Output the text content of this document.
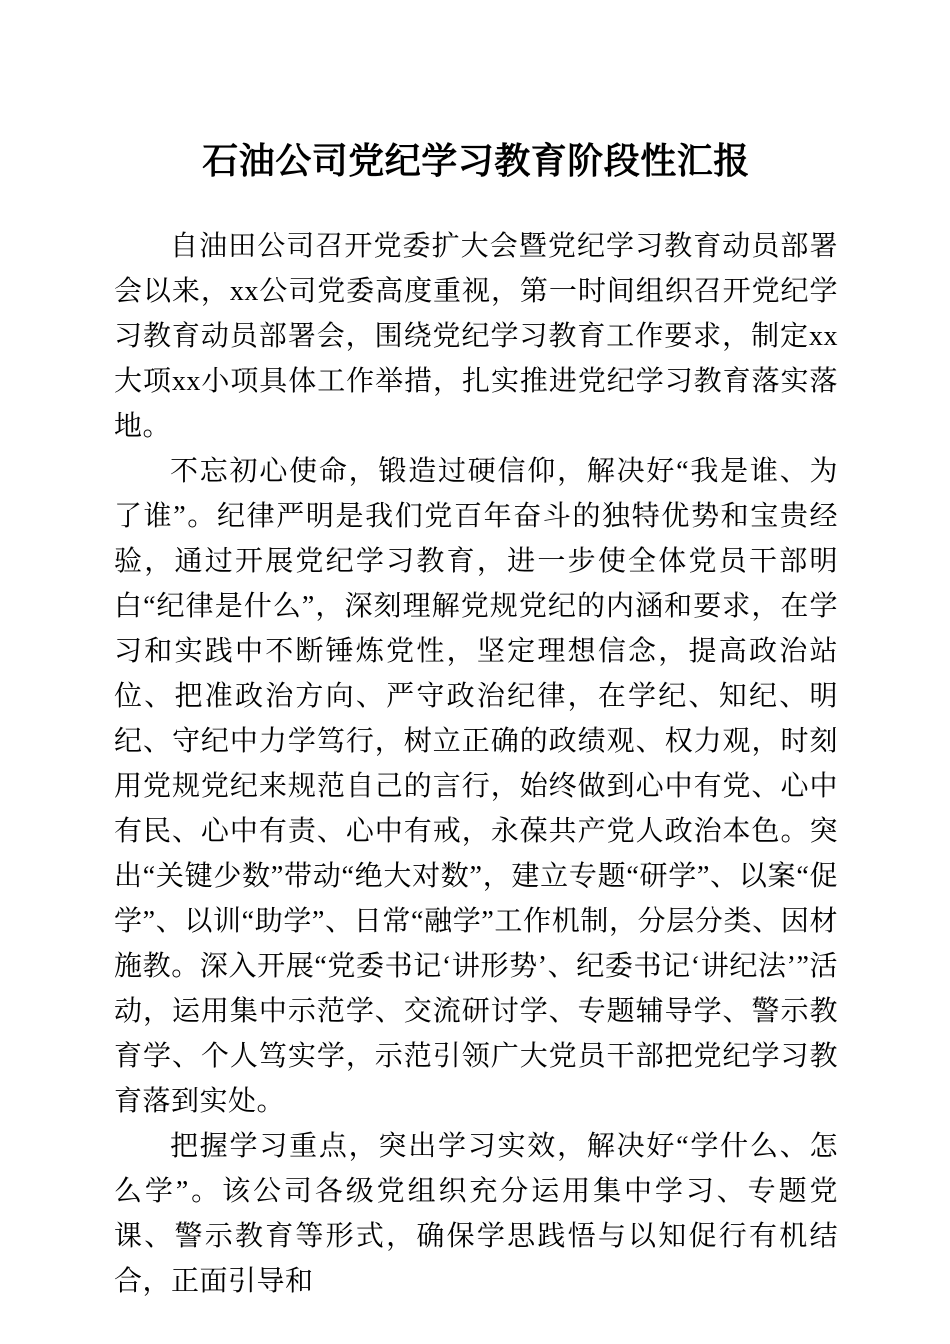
石油公司党纪学习教育阶段性汇报

自油田公司召开党委扩大会暨党纪学习教育动员部署会以来，xx公司党委高度重视，第一时间组织召开党纪学习教育动员部署会，围绕党纪学习教育工作要求，制定xx大项xx小项具体工作举措，扎实推进党纪学习教育落实落地。

不忘初心使命，锻造过硬信仰，解决好“我是谁、为了谁”。纪律严明是我们党百年奋斗的独特优势和宝贵经验，通过开展党纪学习教育，进一步使全体党员干部明白“纪律是什么”，深刻理解党规党纪的内涵和要求，在学习和实践中不断锤炼党性，坚定理想信念，提高政治站位、把准政治方向、严守政治纪律，在学纪、知纪、明纪、守纪中力学笃行，树立正确的政绩观、权力观，时刻用党规党纪来规范自己的言行，始终做到心中有党、心中有民、心中有责、心中有戒，永葆共产党人政治本色。突出“关键少数”带动“绝大对数”，建立专题“研学”、以案“促学”、以训“助学”、日常“融学”工作机制，分层分类、因材施教。深入开展“党委书记‘讲形势’、纪委书记‘讲纪法’”活动，运用集中示范学、交流研讨学、专题辅导学、警示教育学、个人笃实学，示范引领广大党员干部把党纪学习教育落到实处。

把握学习重点，突出学习实效，解决好“学什么、怎么学”。该公司各级党组织充分运用集中学习、专题党课、警示教育等形式，确保学思践悟与以知促行有机结合，正面引导和
